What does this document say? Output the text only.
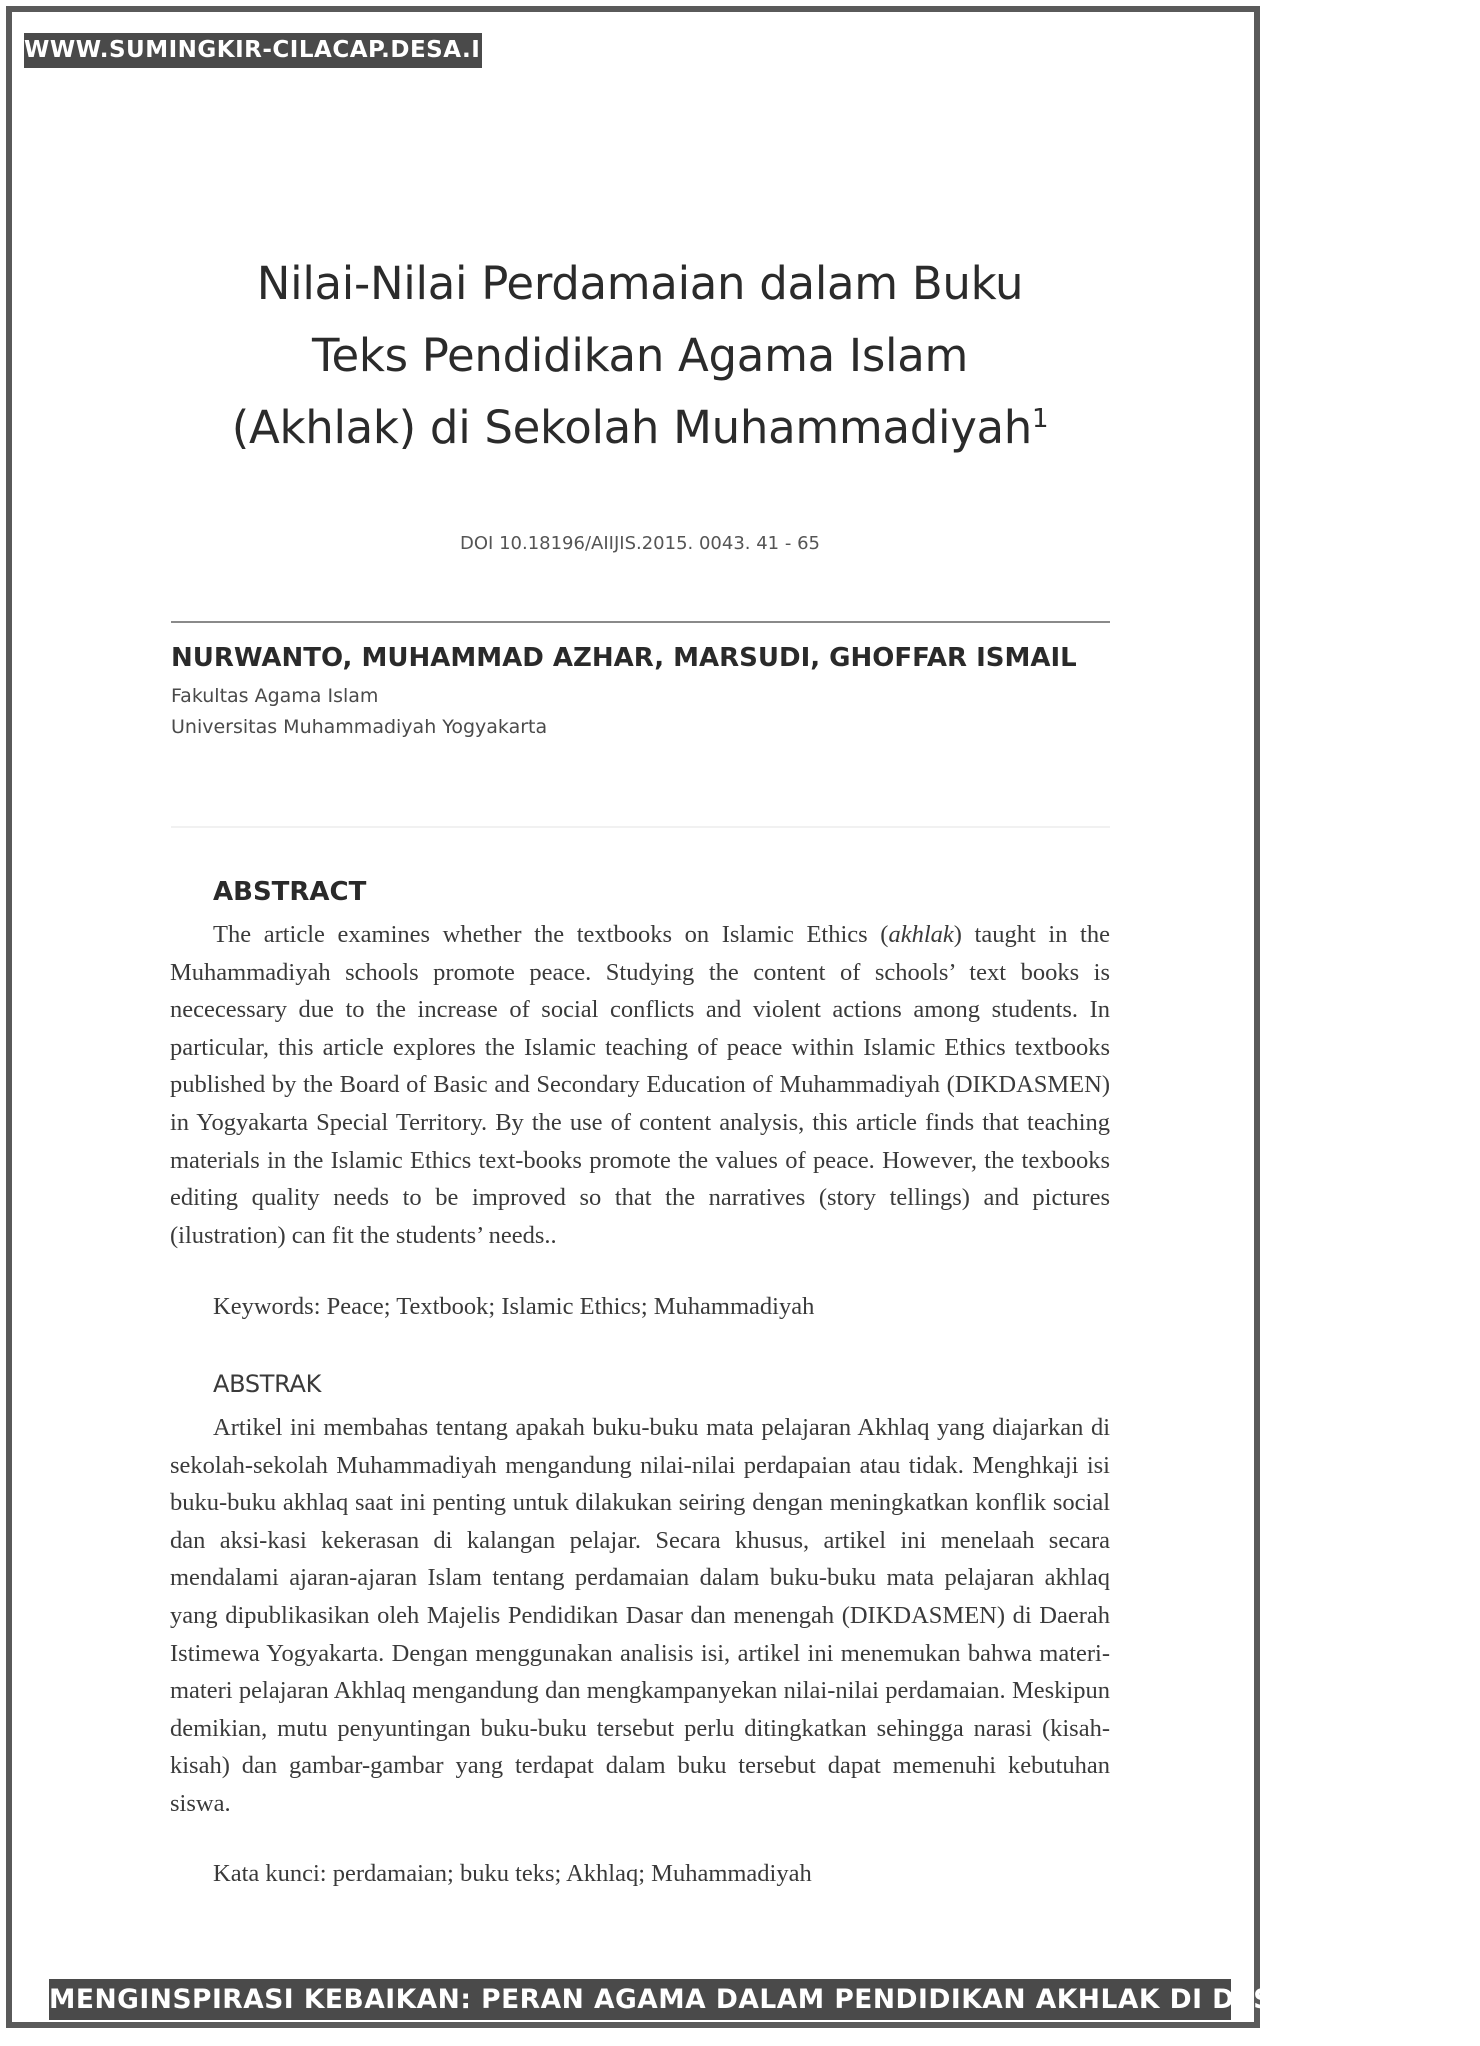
WWW.SUMINGKIR-CILACAP.DESA.ID
Nilai-Nilai Perdamaian dalam Buku
Teks Pendidikan Agama Islam
(Akhlak) di Sekolah Muhammadiyah$^1$
DOI 10.18196/AIIJIS.2015. 0043. 41 - 65
NURWANTO, MUHAMMAD AZHAR, MARSUDI, GHOFFAR ISMAIL
Fakultas Agama Islam
Universitas Muhammadiyah Yogyakarta
ABSTRACT

The article examines whether the textbooks on Islamic Ethics (akhlak) taught in the Muhammadiyah schools promote peace. Studying the content of schools’ text books is nececessary due to the increase of social conflicts and violent actions among students. In particular, this article explores the Islamic teaching of peace within Islamic Ethics textbooks published by the Board of Basic and Secondary Education of Muhammadiyah (DIKDASMEN) in Yogyakarta Special Territory. By the use of content analysis, this article finds that teaching materials in the Islamic Ethics text-books promote the values of peace. However, the texbooks editing quality needs to be improved so that the narratives (story tellings) and pictures (ilustration) can fit the students’ needs..

Keywords: Peace; Textbook; Islamic Ethics; Muhammadiyah
ABSTRAK

Artikel ini membahas tentang apakah buku-buku mata pelajaran Akhlaq yang diajarkan di sekolah-sekolah Muhammadiyah mengandung nilai-nilai perdapaian atau tidak. Menghkaji isi buku-buku akhlaq saat ini penting untuk dilakukan seiring dengan meningkatkan konflik social dan aksi-kasi kekerasan di kalangan pelajar. Secara khusus, artikel ini menelaah secara mendalami ajaran-ajaran Islam tentang perdamaian dalam buku-buku mata pelajaran akhlaq yang dipublikasikan oleh Majelis Pendidikan Dasar dan menengah (DIKDASMEN) di Daerah Istimewa Yogyakarta. Dengan menggunakan analisis isi, artikel ini menemukan bahwa materi-materi pelajaran Akhlaq mengandung dan mengkampanyekan nilai-nilai perdamaian. Meskipun demikian, mutu penyuntingan buku-buku tersebut perlu ditingkatkan sehingga narasi (kisah-kisah) dan gambar-gambar yang terdapat dalam buku tersebut dapat memenuhi kebutuhan siswa.

Kata kunci: perdamaian; buku teks; Akhlaq; Muhammadiyah
MENGINSPIRASI KEBAIKAN: PERAN AGAMA DALAM PENDIDIKAN AKHLAK DI DESA SUMINGKIR
